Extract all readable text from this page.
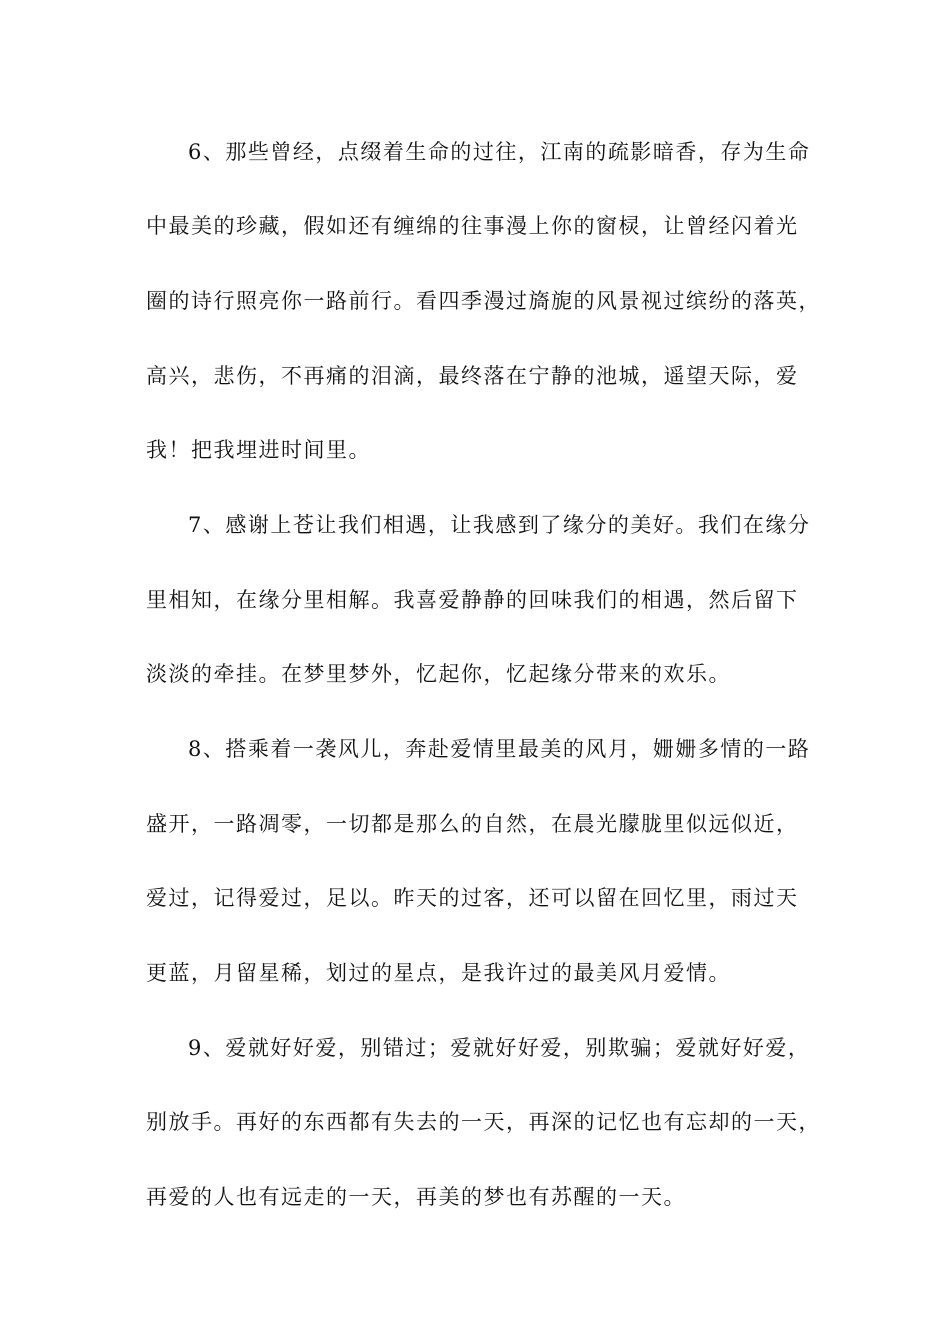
6、那些曾经，点缀着生命的过往，江南的疏影暗香，存为生命
中最美的珍藏，假如还有缠绵的往事漫上你的窗棂，让曾经闪着光
圈的诗行照亮你一路前行。看四季漫过旖旎的风景视过缤纷的落英，
高兴，悲伤，不再痛的泪滴，最终落在宁静的池城，遥望天际，爱
我！把我埋进时间里。
7、感谢上苍让我们相遇，让我感到了缘分的美好。我们在缘分
里相知，在缘分里相解。我喜爱静静的回味我们的相遇，然后留下
淡淡的牵挂。在梦里梦外，忆起你，忆起缘分带来的欢乐。
8、搭乘着一袭风儿，奔赴爱情里最美的风月，姗姗多情的一路
盛开，一路凋零，一切都是那么的自然，在晨光朦胧里似远似近，
爱过，记得爱过，足以。昨天的过客，还可以留在回忆里，雨过天
更蓝，月留星稀，划过的星点，是我许过的最美风月爱情。
9、爱就好好爱，别错过；爱就好好爱，别欺骗；爱就好好爱，
别放手。再好的东西都有失去的一天，再深的记忆也有忘却的一天，
再爱的人也有远走的一天，再美的梦也有苏醒的一天。
